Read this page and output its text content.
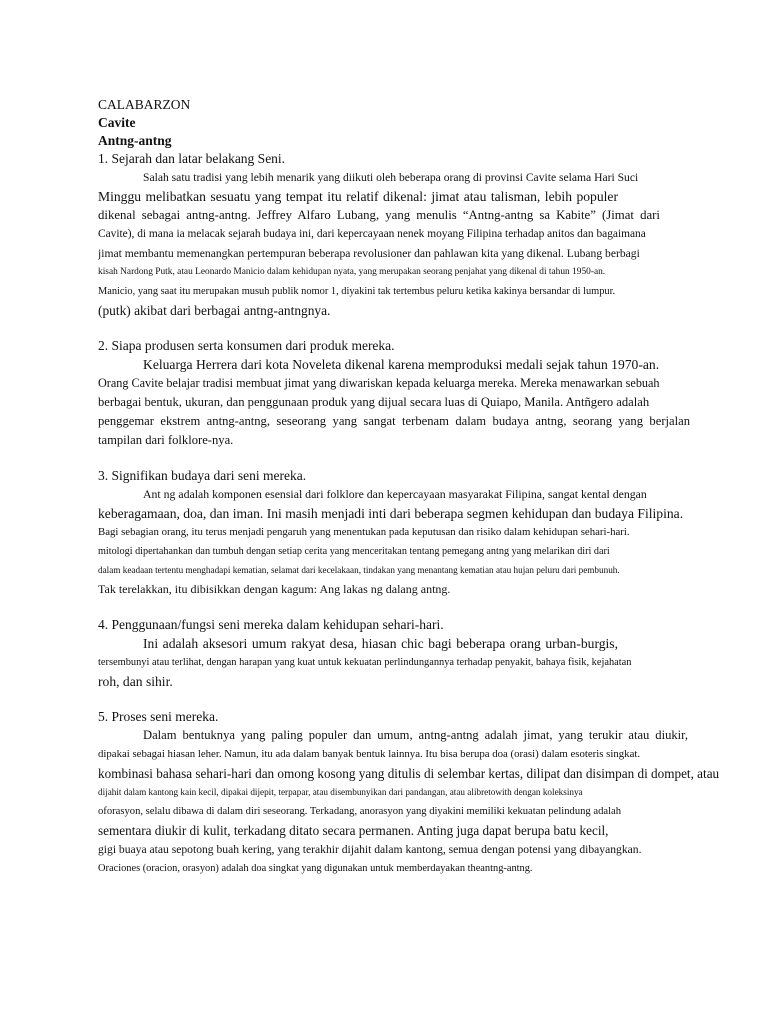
CALABARZON
Cavite
Antng-antng
1. Sejarah dan latar belakang Seni.
Salah satu tradisi yang lebih menarik yang diikuti oleh beberapa orang di provinsi Cavite selama Hari Suci
Minggu melibatkan sesuatu yang tempat itu relatif dikenal: jimat atau talisman, lebih populer
dikenal sebagai antng-antng. Jeffrey Alfaro Lubang, yang menulis “Antng-antng sa Kabite” (Jimat dari
Cavite), di mana ia melacak sejarah budaya ini, dari kepercayaan nenek moyang Filipina terhadap anitos dan bagaimana
jimat membantu memenangkan pertempuran beberapa revolusioner dan pahlawan kita yang dikenal. Lubang berbagi
kisah Nardong Putk, atau Leonardo Manicio dalam kehidupan nyata, yang merupakan seorang penjahat yang dikenal di tahun 1950-an.
Manicio, yang saat itu merupakan musuh publik nomor 1, diyakini tak tertembus peluru ketika kakinya bersandar di lumpur.
(putk) akibat dari berbagai antng-antngnya.
2. Siapa produsen serta konsumen dari produk mereka.
Keluarga Herrera dari kota Noveleta dikenal karena memproduksi medali sejak tahun 1970-an.
Orang Cavite belajar tradisi membuat jimat yang diwariskan kepada keluarga mereka. Mereka menawarkan sebuah
berbagai bentuk, ukuran, dan penggunaan produk yang dijual secara luas di Quiapo, Manila. Antñgero adalah
penggemar ekstrem antng-antng, seseorang yang sangat terbenam dalam budaya antng, seorang yang berjalan
tampilan dari folklore-nya.
3. Signifikan budaya dari seni mereka.
Ant ng adalah komponen esensial dari folklore dan kepercayaan masyarakat Filipina, sangat kental dengan
keberagamaan, doa, dan iman. Ini masih menjadi inti dari beberapa segmen kehidupan dan budaya Filipina.
Bagi sebagian orang, itu terus menjadi pengaruh yang menentukan pada keputusan dan risiko dalam kehidupan sehari-hari.
mitologi dipertahankan dan tumbuh dengan setiap cerita yang menceritakan tentang pemegang antng yang melarikan diri dari
dalam keadaan tertentu menghadapi kematian, selamat dari kecelakaan, tindakan yang menantang kematian atau hujan peluru dari pembunuh.
Tak terelakkan, itu dibisikkan dengan kagum: Ang lakas ng dalang antng.
4. Penggunaan/fungsi seni mereka dalam kehidupan sehari-hari.
Ini adalah aksesori umum rakyat desa, hiasan chic bagi beberapa orang urban-burgis,
tersembunyi atau terlihat, dengan harapan yang kuat untuk kekuatan perlindungannya terhadap penyakit, bahaya fisik, kejahatan
roh, dan sihir.
5. Proses seni mereka.
Dalam bentuknya yang paling populer dan umum, antng-antng adalah jimat, yang terukir atau diukir,
dipakai sebagai hiasan leher. Namun, itu ada dalam banyak bentuk lainnya. Itu bisa berupa doa (orasi) dalam esoteris singkat.
kombinasi bahasa sehari-hari dan omong kosong yang ditulis di selembar kertas, dilipat dan disimpan di dompet, atau
dijahit dalam kantong kain kecil, dipakai dijepit, terpapar, atau disembunyikan dari pandangan, atau alibretowith dengan koleksinya
oforasyon, selalu dibawa di dalam diri seseorang. Terkadang, anorasyon yang diyakini memiliki kekuatan pelindung adalah
sementara diukir di kulit, terkadang ditato secara permanen. Anting juga dapat berupa batu kecil,
gigi buaya atau sepotong buah kering, yang terakhir dijahit dalam kantong, semua dengan potensi yang dibayangkan.
Oraciones (oracion, orasyon) adalah doa singkat yang digunakan untuk memberdayakan theantng-antng.
